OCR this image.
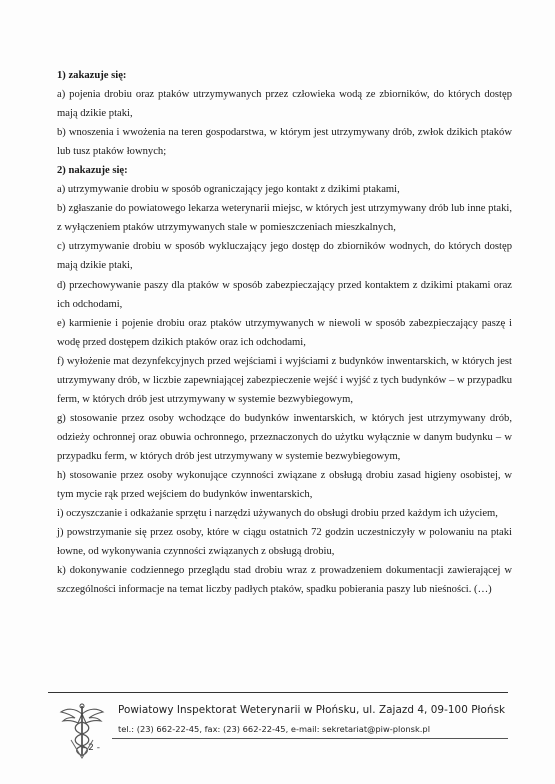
1) zakazuje się:

a) pojenia drobiu oraz ptaków utrzymywanych przez człowieka wodą ze zbiorników, do których dostęp mają dzikie ptaki,

b) wnoszenia i wwożenia na teren gospodarstwa, w którym jest utrzymywany drób, zwłok dzikich ptaków lub tusz ptaków łownych;

2) nakazuje się:

a) utrzymywanie drobiu w sposób ograniczający jego kontakt z dzikimi ptakami,

b) zgłaszanie do powiatowego lekarza weterynarii miejsc, w których jest utrzymywany drób lub inne ptaki, z wyłączeniem ptaków utrzymywanych stale w pomieszczeniach mieszkalnych,

c) utrzymywanie drobiu w sposób wykluczający jego dostęp do zbiorników wodnych, do których dostęp mają dzikie ptaki,

d) przechowywanie paszy dla ptaków w sposób zabezpieczający przed kontaktem z dzikimi ptakami oraz ich odchodami,

e) karmienie i pojenie drobiu oraz ptaków utrzymywanych w niewoli w sposób zabezpieczający paszę i wodę przed dostępem dzikich ptaków oraz ich odchodami,

f) wyłożenie mat dezynfekcyjnych przed wejściami i wyjściami z budynków inwentarskich, w których jest utrzymywany drób, w liczbie zapewniającej zabezpieczenie wejść i wyjść z tych budynków – w przypadku ferm, w których drób jest utrzymywany w systemie bezwybiegowym,

g) stosowanie przez osoby wchodzące do budynków inwentarskich, w których jest utrzymywany drób, odzieży ochronnej oraz obuwia ochronnego, przeznaczonych do użytku wyłącznie w danym budynku – w przypadku ferm, w których drób jest utrzymywany w systemie bezwybiegowym,

h) stosowanie przez osoby wykonujące czynności związane z obsługą drobiu zasad higieny osobistej, w tym mycie rąk przed wejściem do budynków inwentarskich,

i) oczyszczanie i odkażanie sprzętu i narzędzi używanych do obsługi drobiu przed każdym ich użyciem,

j) powstrzymanie się przez osoby, które w ciągu ostatnich 72 godzin uczestniczyły w polowaniu na ptaki łowne, od wykonywania czynności związanych z obsługą drobiu,

k) dokonywanie codziennego przeglądu stad drobiu wraz z prowadzeniem dokumentacji zawierającej w szczególności informacje na temat liczby padłych ptaków, spadku pobierania paszy lub nieśności. (…)

Powiatowy Inspektorat Weterynarii w Płońsku, ul. Zajazd 4, 09-100 Płońsk
tel.: (23) 662-22-45, fax: (23) 662-22-45, e-mail: sekretariat@piw-plonsk.pl
- 2 -
